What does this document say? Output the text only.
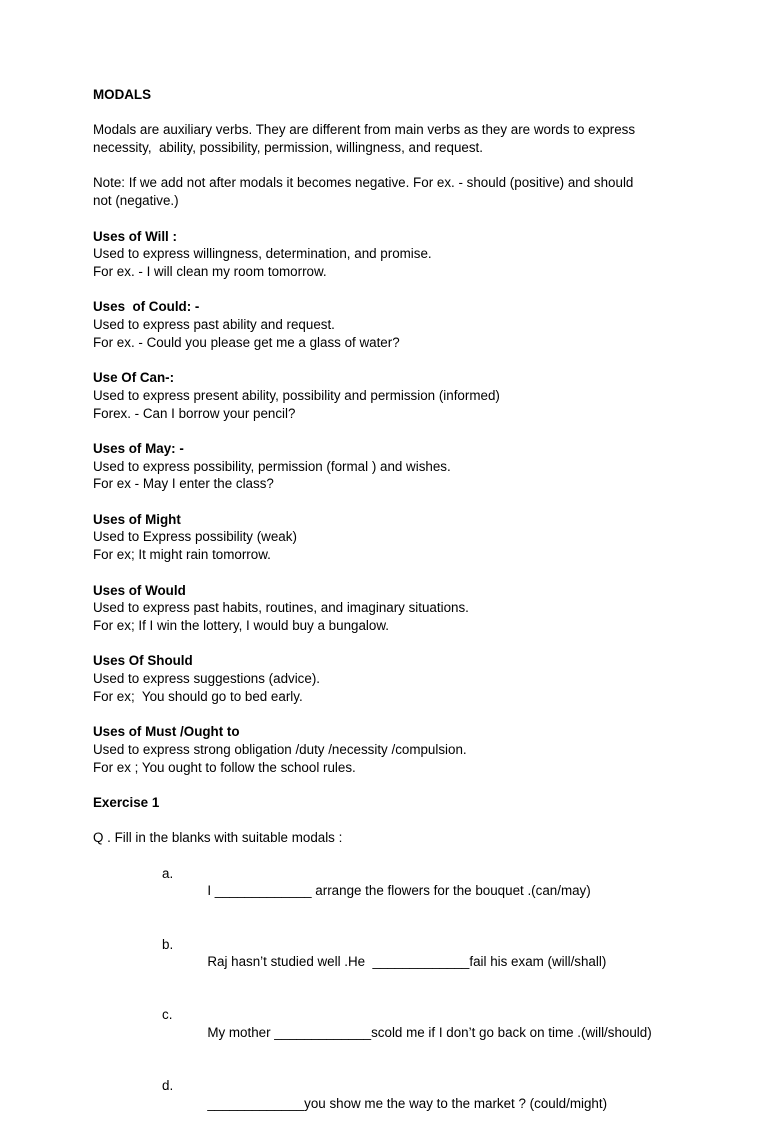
MODALS

Modals are auxiliary verbs. They are different from main verbs as they are words to express
necessity,  ability, possibility, permission, willingness, and request.

Note: If we add not after modals it becomes negative. For ex. - should (positive) and should
not (negative.)

Uses of Will :
Used to express willingness, determination, and promise.
For ex. - I will clean my room tomorrow.
Uses  of Could: -
Used to express past ability and request.
For ex. - Could you please get me a glass of water?
Use Of Can-:
Used to express present ability, possibility and permission (informed)
Forex. - Can I borrow your pencil?
Uses of May: -
Used to express possibility, permission (formal ) and wishes.
For ex - May I enter the class?
Uses of Might
Used to Express possibility (weak)
For ex; It might rain tomorrow.
Uses of Would
Used to express past habits, routines, and imaginary situations.
For ex; If I win the lottery, I would buy a bungalow.
Uses Of Should
Used to express suggestions (advice).
For ex;  You should go to bed early.
Uses of Must /Ought to
Used to express strong obligation /duty /necessity /compulsion.
For ex ; You ought to follow the school rules.
Exercise 1
Q . Fill in the blanks with suitable modals :

a.

I _____________ arrange the flowers for the bouquet .(can/may)

b.

Raj hasn’t studied well .He  _____________fail his exam (will/shall)

c.

My mother _____________scold me if I don’t go back on time .(will/should)

d.

_____________you show me the way to the market ? (could/might)
